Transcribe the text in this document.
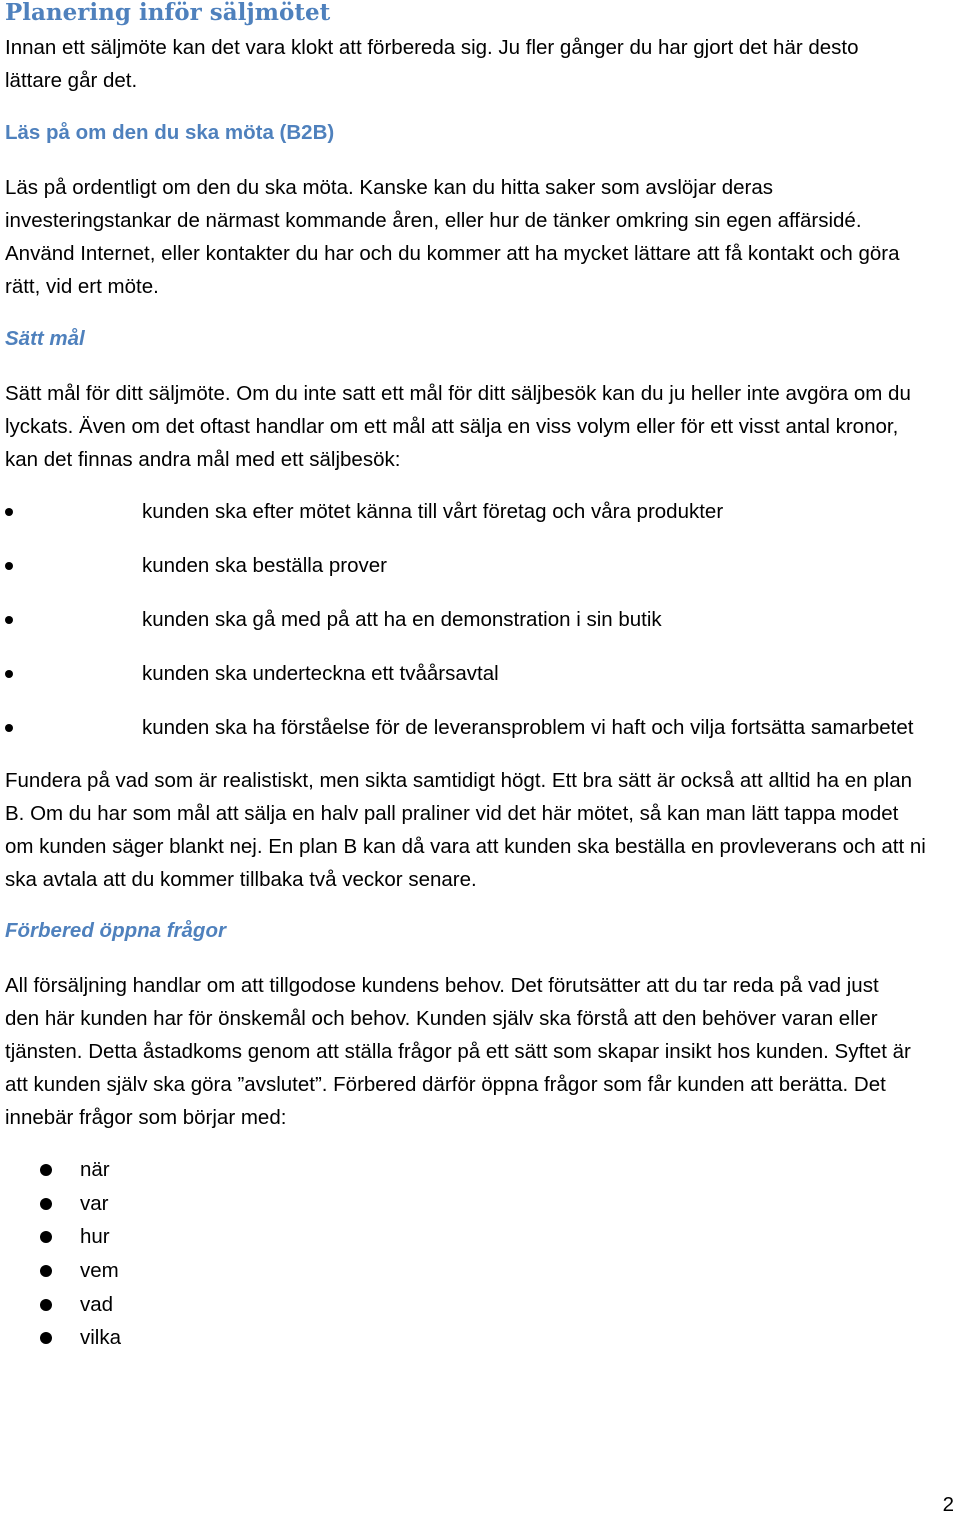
Planering inför säljmötet

Innan ett säljmöte kan det vara klokt att förbereda sig. Ju fler gånger du har gjort det här desto

lättare går det.

Läs på om den du ska möta (B2B)

Läs på ordentligt om den du ska möta. Kanske kan du hitta saker som avslöjar deras

investeringstankar de närmast kommande åren, eller hur de tänker omkring sin egen affärsidé.

Använd Internet, eller kontakter du har och du kommer att ha mycket lättare att få kontakt och göra

rätt, vid ert möte.

Sätt mål

Sätt mål för ditt säljmöte. Om du inte satt ett mål för ditt säljbesök kan du ju heller inte avgöra om du

lyckats. Även om det oftast handlar om ett mål att sälja en viss volym eller för ett visst antal kronor,

kan det finnas andra mål med ett säljbesök:

kunden ska efter mötet känna till vårt företag och våra produkter

kunden ska beställa prover

kunden ska gå med på att ha en demonstration i sin butik

kunden ska underteckna ett tvåårsavtal

kunden ska ha förståelse för de leveransproblem vi haft och vilja fortsätta samarbetet

Fundera på vad som är realistiskt, men sikta samtidigt högt. Ett bra sätt är också att alltid ha en plan

B. Om du har som mål att sälja en halv pall praliner vid det här mötet, så kan man lätt tappa modet

om kunden säger blankt nej. En plan B kan då vara att kunden ska beställa en provleverans och att ni

ska avtala att du kommer tillbaka två veckor senare.

Förbered öppna frågor

All försäljning handlar om att tillgodose kundens behov. Det förutsätter att du tar reda på vad just

den här kunden har för önskemål och behov. Kunden själv ska förstå att den behöver varan eller

tjänsten. Detta åstadkoms genom att ställa frågor på ett sätt som skapar insikt hos kunden. Syftet är

att kunden själv ska göra ”avslutet”. Förbered därför öppna frågor som får kunden att berätta. Det

innebär frågor som börjar med:

när

var

hur

vem

vad

vilka

2
